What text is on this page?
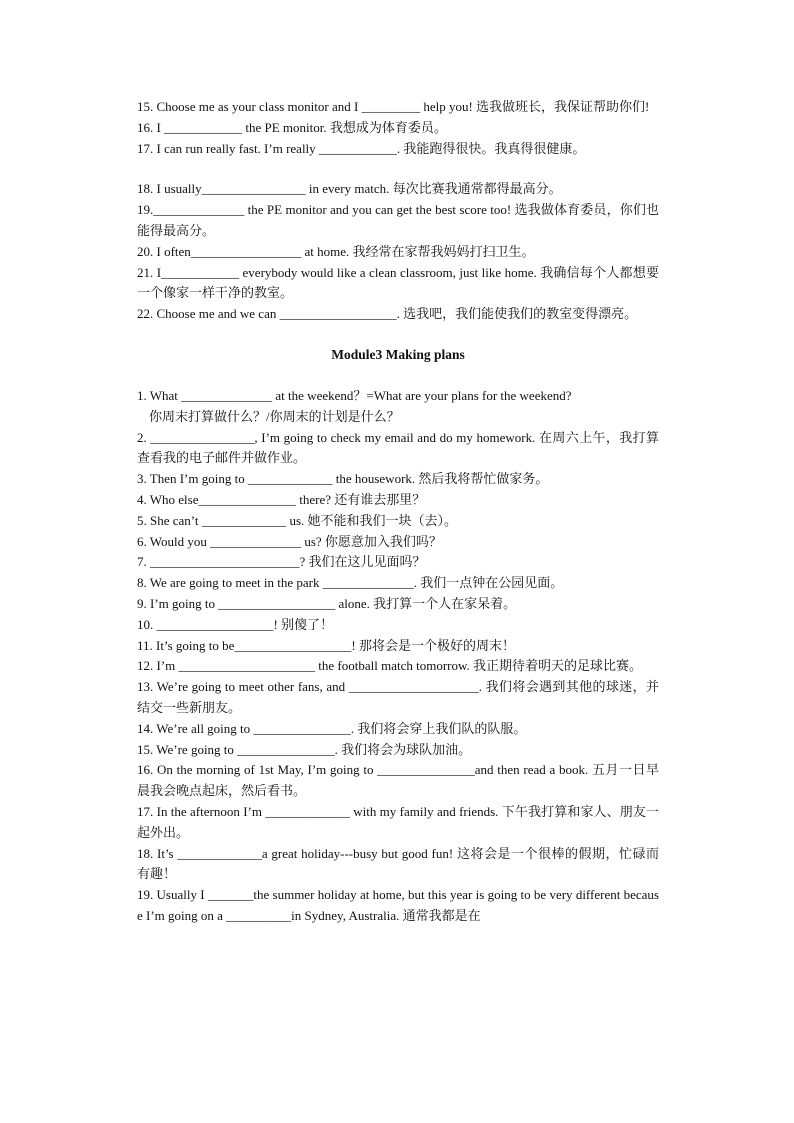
15. Choose me as your class monitor and I _________ help you! 选我做班长，我保证帮助你们!
16. I ____________ the PE monitor. 我想成为体育委员。
17. I can run really fast. I’m really ____________. 我能跑得很快。我真得很健康。
18. I usually________________ in every match. 每次比赛我通常都得最高分。
19.______________ the PE monitor and you can get the best score too! 选我做体育委员，你们也能得最高分。
20. I often_________________ at home. 我经常在家帮我妈妈打扫卫生。
21. I____________ everybody would like a clean classroom, just like home. 我确信每个人都想要一个像家一样干净的教室。
22. Choose me and we can __________________. 选我吧，我们能使我们的教室变得漂亮。
Module3 Making plans
1. What ______________ at the weekend？=What are your plans for the weekend?
你周末打算做什么？/你周末的计划是什么？
2. ________________, I’m going to check my email and do my homework. 在周六上午，我打算查看我的电子邮件并做作业。
3. Then I’m going to _____________ the housework. 然后我将帮忙做家务。
4. Who else_______________ there? 还有谁去那里？
5. She can’t _____________ us. 她不能和我们一块（去）。
6. Would you ______________ us? 你愿意加入我们吗？
7. _______________________? 我们在这儿见面吗？
8. We are going to meet in the park ______________. 我们一点钟在公园见面。
9. I’m going to __________________ alone. 我打算一个人在家呆着。
10. __________________! 别傻了！
11. It’s going to be__________________! 那将会是一个极好的周末！
12. I’m _____________________ the football match tomorrow. 我正期待着明天的足球比赛。
13. We’re going to meet other fans, and ____________________. 我们将会遇到其他的球迷，并结交一些新朋友。
14. We’re all going to _______________. 我们将会穿上我们队的队服。
15. We’re going to _______________. 我们将会为球队加油。
16. On the morning of 1st May, I’m going to _______________and then read a book. 五月一日早晨我会晚点起床，然后看书。
17. In the afternoon I’m _____________ with my family and friends. 下午我打算和家人、朋友一起外出。
18. It’s _____________a great holiday---busy but good fun! 这将会是一个很棒的假期，忙碌而有趣！
19. Usually I _______the summer holiday at home, but this year is going to be very different because I’m going on a __________in Sydney, Australia. 通常我都是在
